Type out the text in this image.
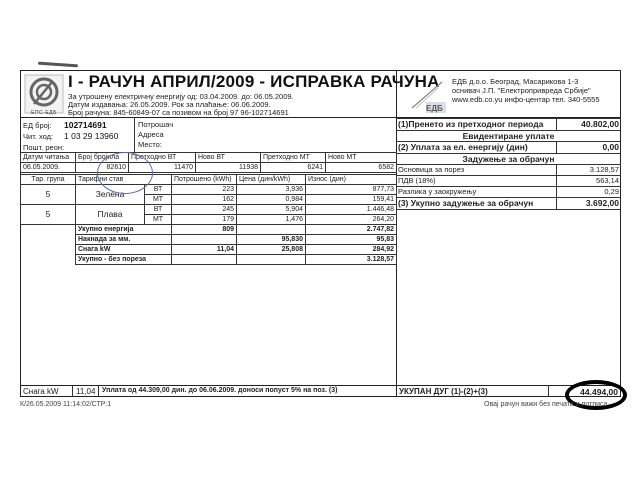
ЕПС-ЕДБ
I - РАЧУН АПРИЛ/2009 - ИСПРАВКА РАЧУНА
За утрошену електричну енергију од: 03.04.2009. до: 06.05.2009.
Датум издавања: 26.05.2009. Рок за плаћање: 06.06.2009.
Број рачуна: 845-60849-07 са позивом на број 97 96-102714691	ЕДБ
ЕДБ д.о.о. Београд, Масарикова 1-3
оснивач Ј.П. "Електропривреда Србије"
www.edb.co.yu инфо-центар тел. 340-5555
ЕД број: 102714691
Чит. ход: 1 03 29 13960
Пошт. реон:
Потрошач
Адреса
Место:
Датум читања	Број бројила	Претходно ВТ	Ново ВТ	Претходно МТ	Ново МТ
06.05.2009.	82610	11470	11938	6241	6582
Тар. група	Тарифни став	Потрошено (kWh)	Цена (дин/kWh)	Износ (дин)
5	Зелена	ВТ	223	3,936	877,73
МТ	162	0,984	159,41
5	Плава	ВТ	245	5,904	1.446,48
МТ	179	1,476	264,20
	Укупно енергија	809		2.747,82
	Накнада за мм.		95,830	95,83
	Снага kW	11,04	25,808	284,92
	Укупно - без пореза			3.128,57
(1)Пренето из претходног периода	40.802,00
Евидентиране уплате
(2) Уплата за ел. енергију (дин)	0,00
Задужење за обрачун
Основица за порез	3.128,57
ПДВ (18%)	563,14
Разлика у заокружењу	0,29
(3) Укупно задужење за обрачун	3.692,00
Снага kW 11,04 Уплата од 44.309,00 дин. до 06.06.2009. доноси попуст 5% на поз. (3)	УКУПАН ДУГ (1)-(2)+(3)	44.494,00
К/26.05.2009 11:14:02/СТР:1	Овај рачун важи без печата и потписа
